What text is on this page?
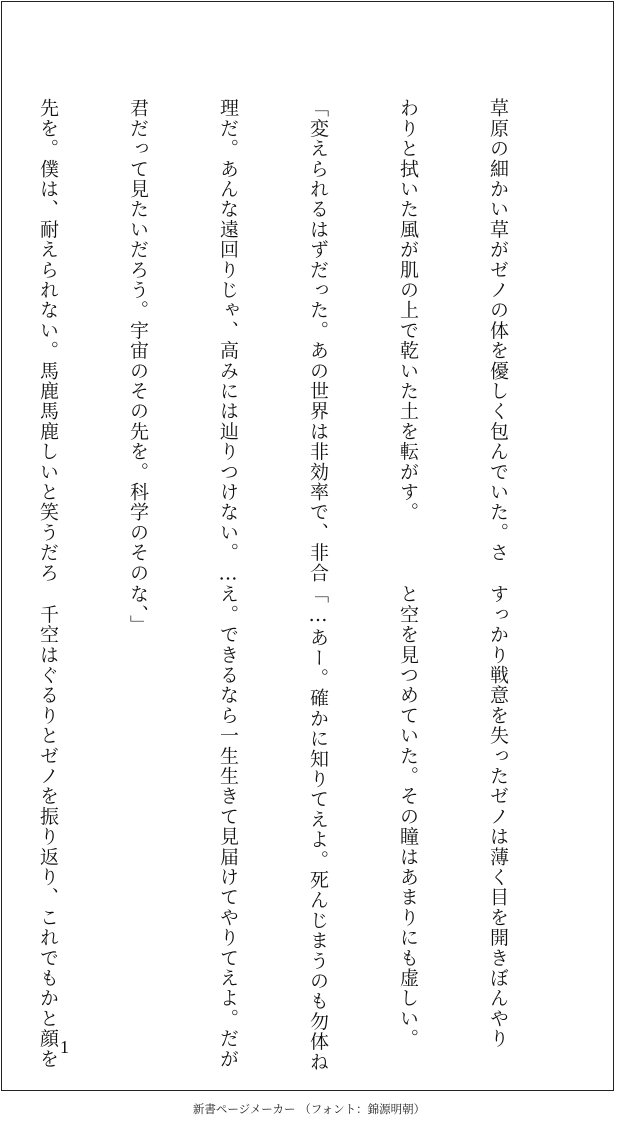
草原の細かい草がゼノの体を優しく包んでいた。さ

わりと拭いた風が肌の上で乾いた土を転がす。

「変えられるはずだった。あの世界は非効率で、非合

理だ。あんな遠回りじゃ、高みには辿りつけない。…

君だって見たいだろう。宇宙のその先を。科学のその

先を。僕は、耐えられない。馬鹿馬鹿しいと笑うだろ

すっかり戦意を失ったゼノは薄く目を開きぼんやり

と空を見つめていた。その瞳はあまりにも虚しい。

「…あー。確かに知りてえよ。死んじまうのも勿体ね

え。できるなら一生生きて見届けてやりてえよ。だが

な、」

　千空はぐるりとゼノを振り返り、これでもかと顔を

1
新書ページメーカー （フォント：錦源明朝）
